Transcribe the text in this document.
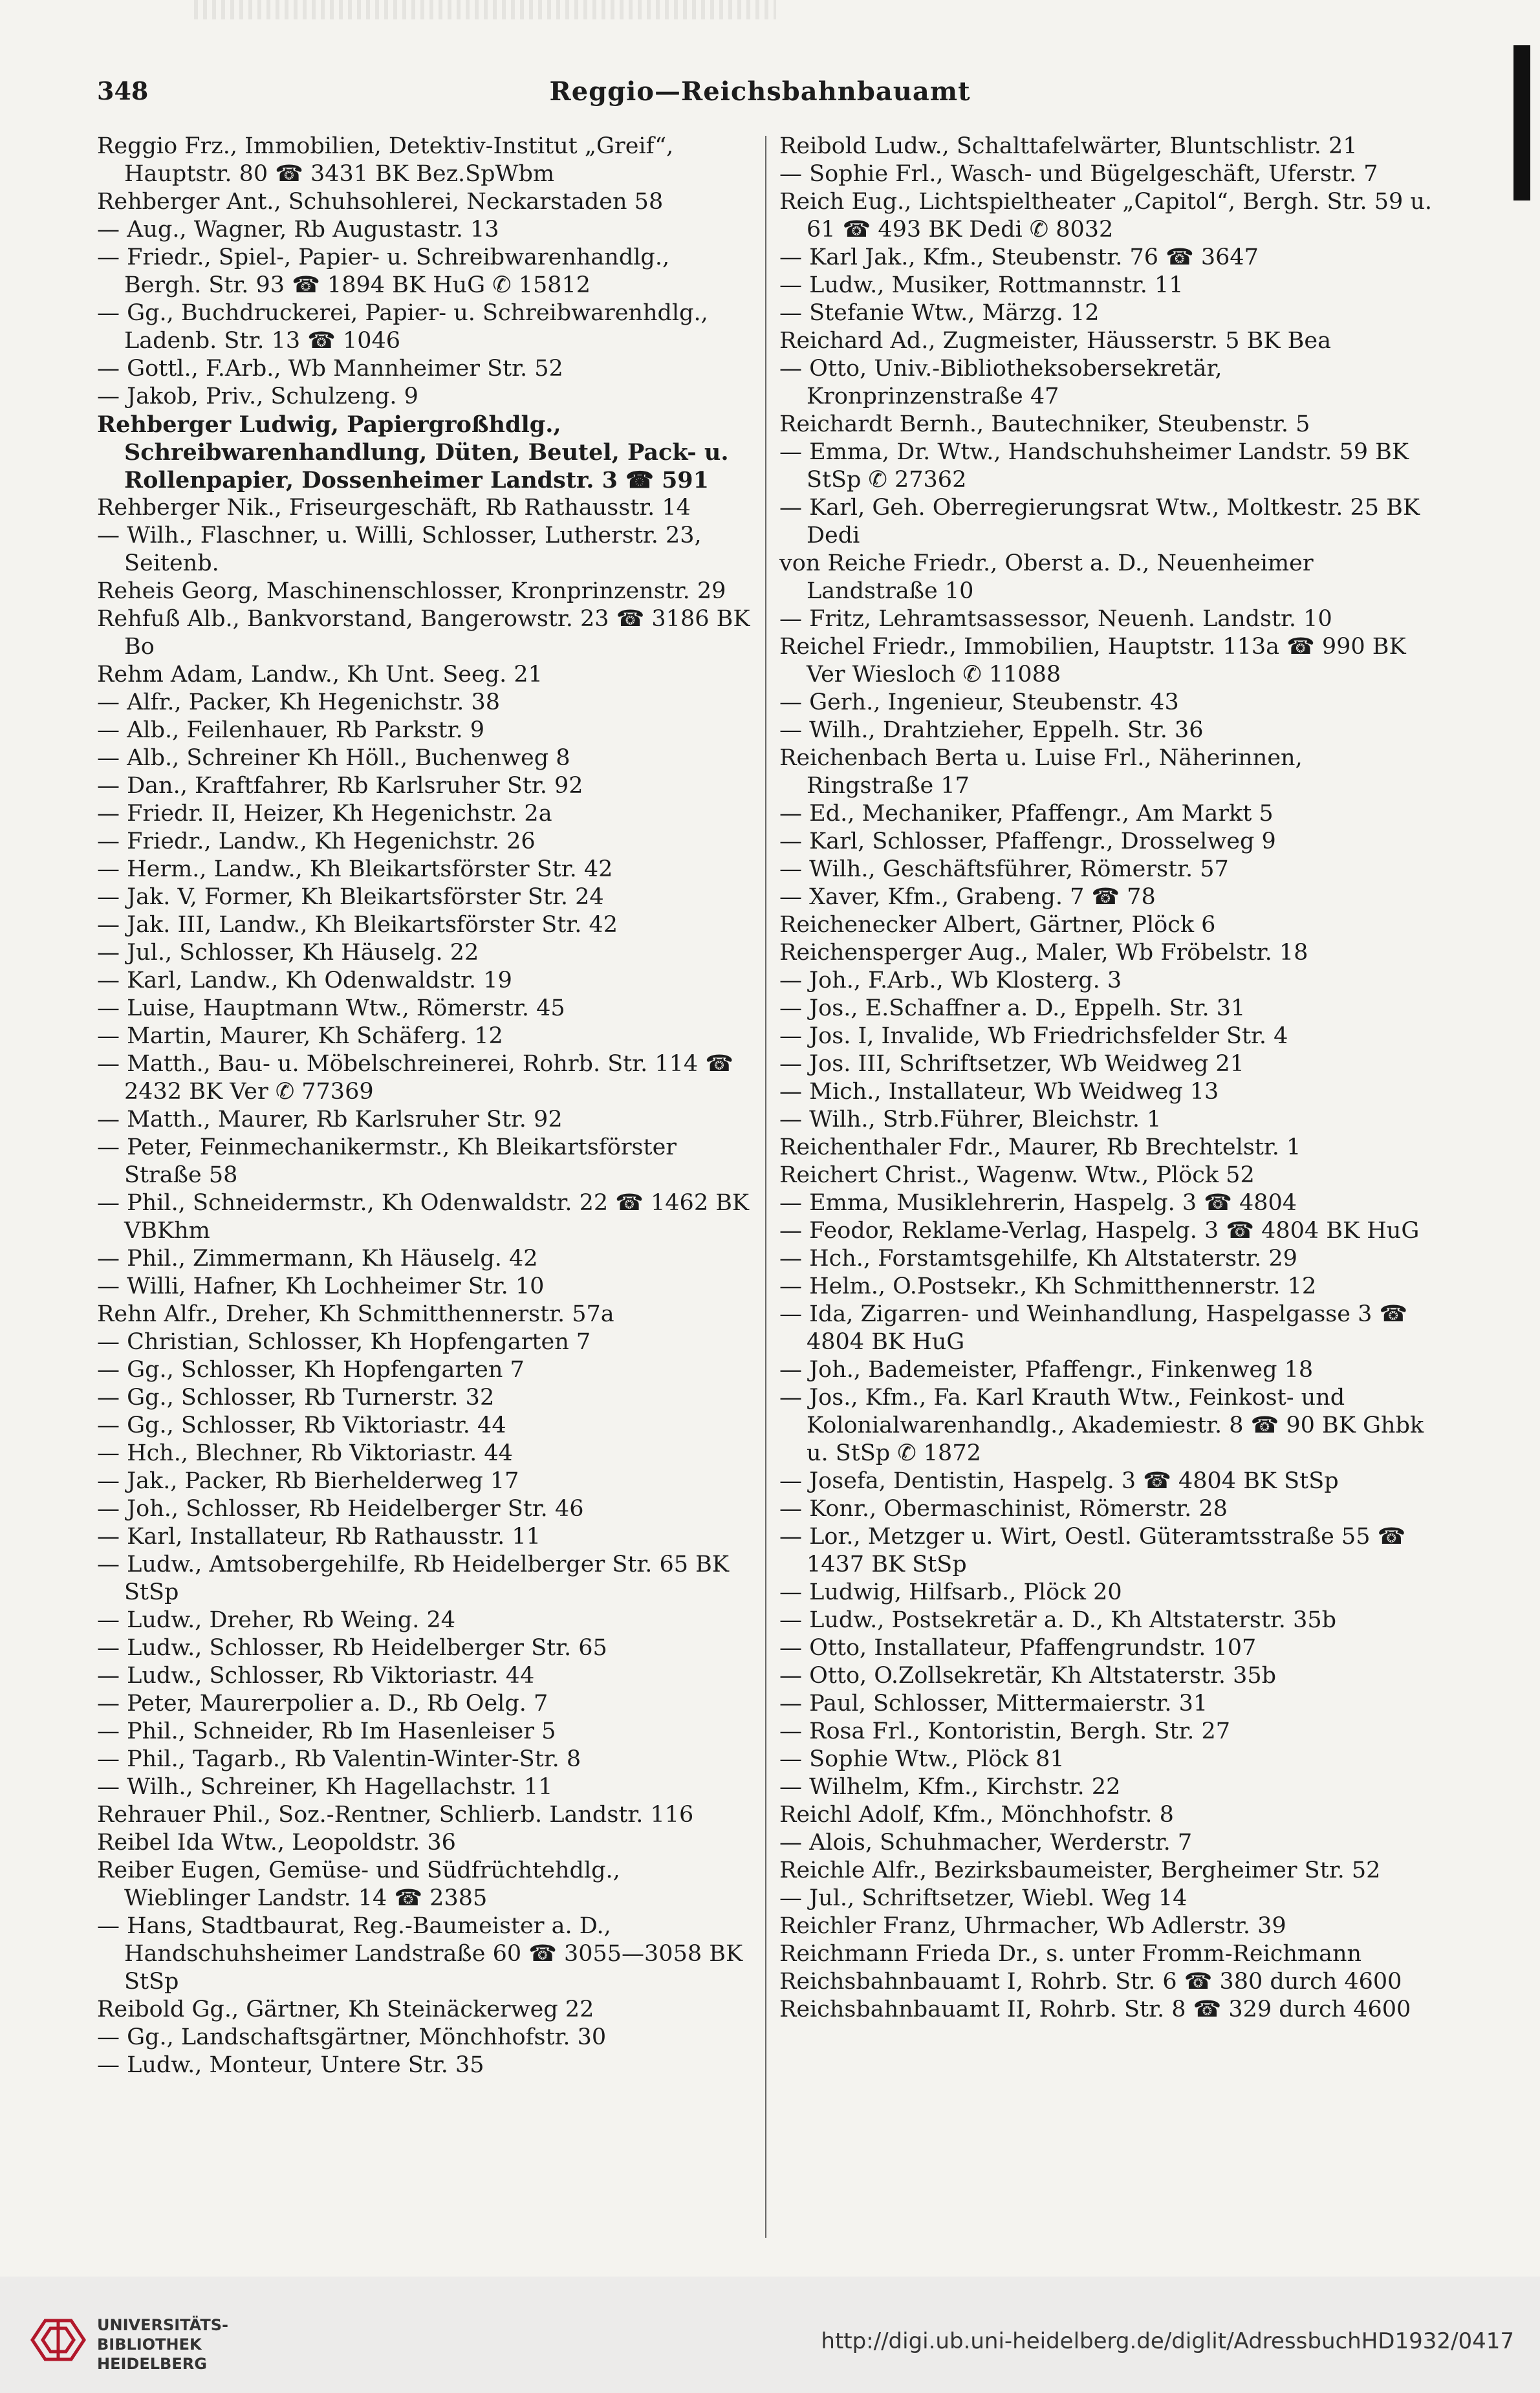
348	Reggio—Reichsbahnbauamt

Reggio Frz., Immobilien, Detektiv-Institut „Greif“, Hauptstr. 80 ☎ 3431 BK Bez.SpWbm

Rehberger Ant., Schuhsohlerei, Neckarstaden 58

— Aug., Wagner, Rb Augustastr. 13

— Friedr., Spiel-, Papier- u. Schreibwarenhandlg., Bergh. Str. 93 ☎ 1894 BK HuG ✆ 15812

— Gg., Buchdruckerei, Papier- u. Schreibwarenhdlg., Ladenb. Str. 13 ☎ 1046

— Gottl., F.Arb., Wb Mannheimer Str. 52

— Jakob, Priv., Schulzeng. 9

Rehberger Ludwig, Papiergroßhdlg., Schreibwarenhandlung, Düten, Beutel, Pack- u. Rollenpapier, Dossenheimer Landstr. 3 ☎ 591

Rehberger Nik., Friseurgeschäft, Rb Rathausstr. 14

— Wilh., Flaschner, u. Willi, Schlosser, Lutherstr. 23, Seitenb.

Reheis Georg, Maschinenschlosser, Kronprinzenstr. 29

Rehfuß Alb., Bankvorstand, Bangerowstr. 23 ☎ 3186 BK Bo

Rehm Adam, Landw., Kh Unt. Seeg. 21

— Alfr., Packer, Kh Hegenichstr. 38

— Alb., Feilenhauer, Rb Parkstr. 9

— Alb., Schreiner Kh Höll., Buchenweg 8

— Dan., Kraftfahrer, Rb Karlsruher Str. 92

— Friedr. II, Heizer, Kh Hegenichstr. 2a

— Friedr., Landw., Kh Hegenichstr. 26

— Herm., Landw., Kh Bleikartsförster Str. 42

— Jak. V, Former, Kh Bleikartsförster Str. 24

— Jak. III, Landw., Kh Bleikartsförster Str. 42

— Jul., Schlosser, Kh Häuselg. 22

— Karl, Landw., Kh Odenwaldstr. 19

— Luise, Hauptmann Wtw., Römerstr. 45

— Martin, Maurer, Kh Schäferg. 12

— Matth., Bau- u. Möbelschreinerei, Rohrb. Str. 114 ☎ 2432 BK Ver ✆ 77369

— Matth., Maurer, Rb Karlsruher Str. 92

— Peter, Feinmechanikermstr., Kh Bleikartsförster Straße 58

— Phil., Schneidermstr., Kh Odenwaldstr. 22 ☎ 1462 BK VBKhm

— Phil., Zimmermann, Kh Häuselg. 42

— Willi, Hafner, Kh Lochheimer Str. 10

Rehn Alfr., Dreher, Kh Schmitthennerstr. 57a

— Christian, Schlosser, Kh Hopfengarten 7

— Gg., Schlosser, Kh Hopfengarten 7

— Gg., Schlosser, Rb Turnerstr. 32

— Gg., Schlosser, Rb Viktoriastr. 44

— Hch., Blechner, Rb Viktoriastr. 44

— Jak., Packer, Rb Bierhelderweg 17

— Joh., Schlosser, Rb Heidelberger Str. 46

— Karl, Installateur, Rb Rathausstr. 11

— Ludw., Amtsobergehilfe, Rb Heidelberger Str. 65 BK StSp

— Ludw., Dreher, Rb Weing. 24

— Ludw., Schlosser, Rb Heidelberger Str. 65

— Ludw., Schlosser, Rb Viktoriastr. 44

— Peter, Maurerpolier a. D., Rb Oelg. 7

— Phil., Schneider, Rb Im Hasenleiser 5

— Phil., Tagarb., Rb Valentin-Winter-Str. 8

— Wilh., Schreiner, Kh Hagellachstr. 11

Rehrauer Phil., Soz.-Rentner, Schlierb. Landstr. 116

Reibel Ida Wtw., Leopoldstr. 36

Reiber Eugen, Gemüse- und Südfrüchtehdlg., Wieblinger Landstr. 14 ☎ 2385

— Hans, Stadtbaurat, Reg.-Baumeister a. D., Handschuhsheimer Landstraße 60 ☎ 3055—3058 BK StSp

Reibold Gg., Gärtner, Kh Steinäckerweg 22

— Gg., Landschaftsgärtner, Mönchhofstr. 30

— Ludw., Monteur, Untere Str. 35

Reibold Ludw., Schalttafelwärter, Bluntschlistr. 21

— Sophie Frl., Wasch- und Bügelgeschäft, Uferstr. 7

Reich Eug., Lichtspieltheater „Capitol“, Bergh. Str. 59 u. 61 ☎ 493 BK Dedi ✆ 8032

— Karl Jak., Kfm., Steubenstr. 76 ☎ 3647

— Ludw., Musiker, Rottmannstr. 11

— Stefanie Wtw., Märzg. 12

Reichard Ad., Zugmeister, Häusserstr. 5 BK Bea

— Otto, Univ.-Bibliotheksobersekretär, Kronprinzenstraße 47

Reichardt Bernh., Bautechniker, Steubenstr. 5

— Emma, Dr. Wtw., Handschuhsheimer Landstr. 59 BK StSp ✆ 27362

— Karl, Geh. Oberregierungsrat Wtw., Moltkestr. 25 BK Dedi

von Reiche Friedr., Oberst a. D., Neuenheimer Landstraße 10

— Fritz, Lehramtsassessor, Neuenh. Landstr. 10

Reichel Friedr., Immobilien, Hauptstr. 113a ☎ 990 BK Ver Wiesloch ✆ 11088

— Gerh., Ingenieur, Steubenstr. 43

— Wilh., Drahtzieher, Eppelh. Str. 36

Reichenbach Berta u. Luise Frl., Näherinnen, Ringstraße 17

— Ed., Mechaniker, Pfaffengr., Am Markt 5

— Karl, Schlosser, Pfaffengr., Drosselweg 9

— Wilh., Geschäftsführer, Römerstr. 57

— Xaver, Kfm., Grabeng. 7 ☎ 78

Reichenecker Albert, Gärtner, Plöck 6

Reichensperger Aug., Maler, Wb Fröbelstr. 18

— Joh., F.Arb., Wb Klosterg. 3

— Jos., E.Schaffner a. D., Eppelh. Str. 31

— Jos. I, Invalide, Wb Friedrichsfelder Str. 4

— Jos. III, Schriftsetzer, Wb Weidweg 21

— Mich., Installateur, Wb Weidweg 13

— Wilh., Strb.Führer, Bleichstr. 1

Reichenthaler Fdr., Maurer, Rb Brechtelstr. 1

Reichert Christ., Wagenw. Wtw., Plöck 52

— Emma, Musiklehrerin, Haspelg. 3 ☎ 4804

— Feodor, Reklame-Verlag, Haspelg. 3 ☎ 4804 BK HuG

— Hch., Forstamtsgehilfe, Kh Altstaterstr. 29

— Helm., O.Postsekr., Kh Schmitthennerstr. 12

— Ida, Zigarren- und Weinhandlung, Haspelgasse 3 ☎ 4804 BK HuG

— Joh., Bademeister, Pfaffengr., Finkenweg 18

— Jos., Kfm., Fa. Karl Krauth Wtw., Feinkost- und Kolonialwarenhandlg., Akademiestr. 8 ☎ 90 BK Ghbk u. StSp ✆ 1872

— Josefa, Dentistin, Haspelg. 3 ☎ 4804 BK StSp

— Konr., Obermaschinist, Römerstr. 28

— Lor., Metzger u. Wirt, Oestl. Güteramtsstraße 55 ☎ 1437 BK StSp

— Ludwig, Hilfsarb., Plöck 20

— Ludw., Postsekretär a. D., Kh Altstaterstr. 35b

— Otto, Installateur, Pfaffengrundstr. 107

— Otto, O.Zollsekretär, Kh Altstaterstr. 35b

— Paul, Schlosser, Mittermaierstr. 31

— Rosa Frl., Kontoristin, Bergh. Str. 27

— Sophie Wtw., Plöck 81

— Wilhelm, Kfm., Kirchstr. 22

Reichl Adolf, Kfm., Mönchhofstr. 8

— Alois, Schuhmacher, Werderstr. 7

Reichle Alfr., Bezirksbaumeister, Bergheimer Str. 52

— Jul., Schriftsetzer, Wiebl. Weg 14

Reichler Franz, Uhrmacher, Wb Adlerstr. 39

Reichmann Frieda Dr., s. unter Fromm-Reichmann

Reichsbahnbauamt I, Rohrb. Str. 6 ☎ 380 durch 4600

Reichsbahnbauamt II, Rohrb. Str. 8 ☎ 329 durch 4600

UNIVERSITÄTS-
BIBLIOTHEK
HEIDELBERG
http://digi.ub.uni-heidelberg.de/diglit/AdressbuchHD1932/0417
